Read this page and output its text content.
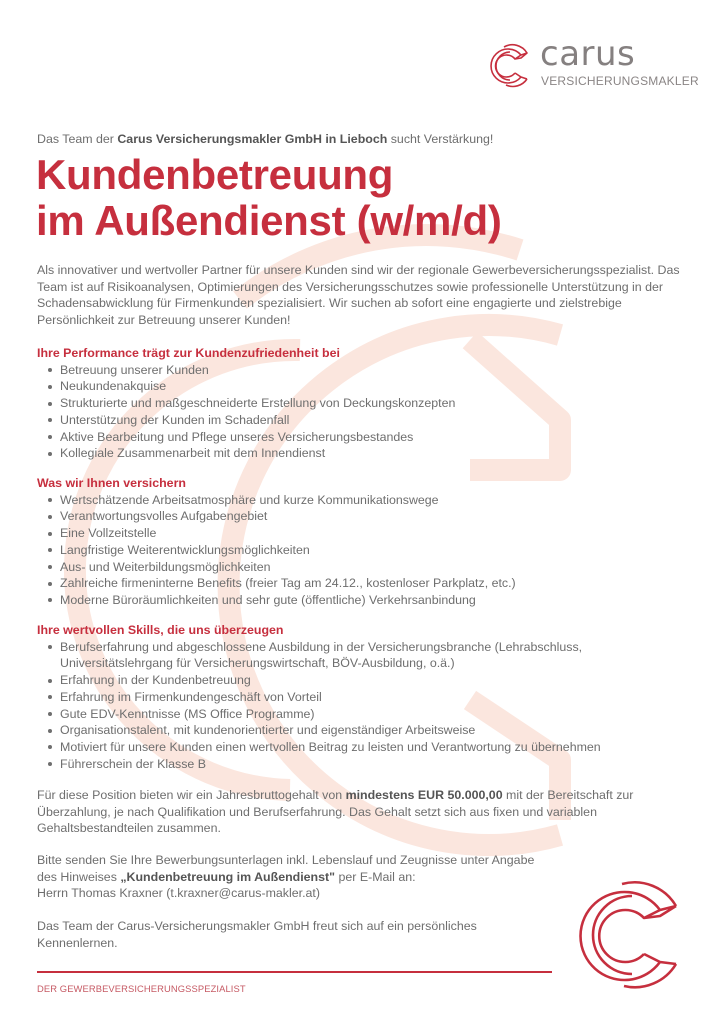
carus
VERSICHERUNGSMAKLER
Das Team der Carus Versicherungsmakler GmbH in Lieboch sucht Verstärkung!
Kundenbetreuung
im Außendienst (w/m/d)

Als innovativer und wertvoller Partner für unsere Kunden sind wir der regionale Gewerbeversicherungsspezialist. Das Team ist auf Risikoanalysen, Optimierungen des Versicherungsschutzes sowie professionelle Unterstützung in der Schadensabwicklung für Firmenkunden spezialisiert. Wir suchen ab sofort eine engagierte und zielstrebige Persönlichkeit zur Betreuung unserer Kunden!

Ihre Performance trägt zur Kundenzufriedenheit bei
Betreuung unserer Kunden
Neukundenakquise
Strukturierte und maßgeschneiderte Erstellung von Deckungskonzepten
Unterstützung der Kunden im Schadenfall
Aktive Bearbeitung und Pflege unseres Versicherungsbestandes
Kollegiale Zusammenarbeit mit dem Innendienst
Was wir Ihnen versichern
Wertschätzende Arbeitsatmosphäre und kurze Kommunikationswege
Verantwortungsvolles Aufgabengebiet
Eine Vollzeitstelle
Langfristige Weiterentwicklungsmöglichkeiten
Aus- und Weiterbildungsmöglichkeiten
Zahlreiche firmeninterne Benefits (freier Tag am 24.12., kostenloser Parkplatz, etc.)
Moderne Büroräumlichkeiten und sehr gute (öffentliche) Verkehrsanbindung
Ihre wertvollen Skills, die uns überzeugen
Berufserfahrung und abgeschlossene Ausbildung in der Versicherungsbranche (Lehrabschluss, Universitätslehrgang für Versicherungswirtschaft, BÖV-Ausbildung, o.ä.)
Erfahrung in der Kundenbetreuung
Erfahrung im Firmenkundengeschäft von Vorteil
Gute EDV-Kenntnisse (MS Office Programme)
Organisationstalent, mit kundenorientierter und eigenständiger Arbeitsweise
Motiviert für unsere Kunden einen wertvollen Beitrag zu leisten und Verantwortung zu übernehmen
Führerschein der Klasse B

Für diese Position bieten wir ein Jahresbruttogehalt von mindestens EUR 50.000,00 mit der Bereitschaft zur Überzahlung, je nach Qualifikation und Berufserfahrung. Das Gehalt setzt sich aus fixen und variablen Gehaltsbestandteilen zusammen.

Bitte senden Sie Ihre Bewerbungsunterlagen inkl. Lebenslauf und Zeugnisse unter Angabe
des Hinweises „Kundenbetreuung im Außendienst" per E-Mail an:
Herrn Thomas Kraxner (t.kraxner@carus-makler.at)
Das Team der Carus-Versicherungsmakler GmbH freut sich auf ein persönliches
Kennenlernen.
DER GEWERBEVERSICHERUNGSSPEZIALIST
